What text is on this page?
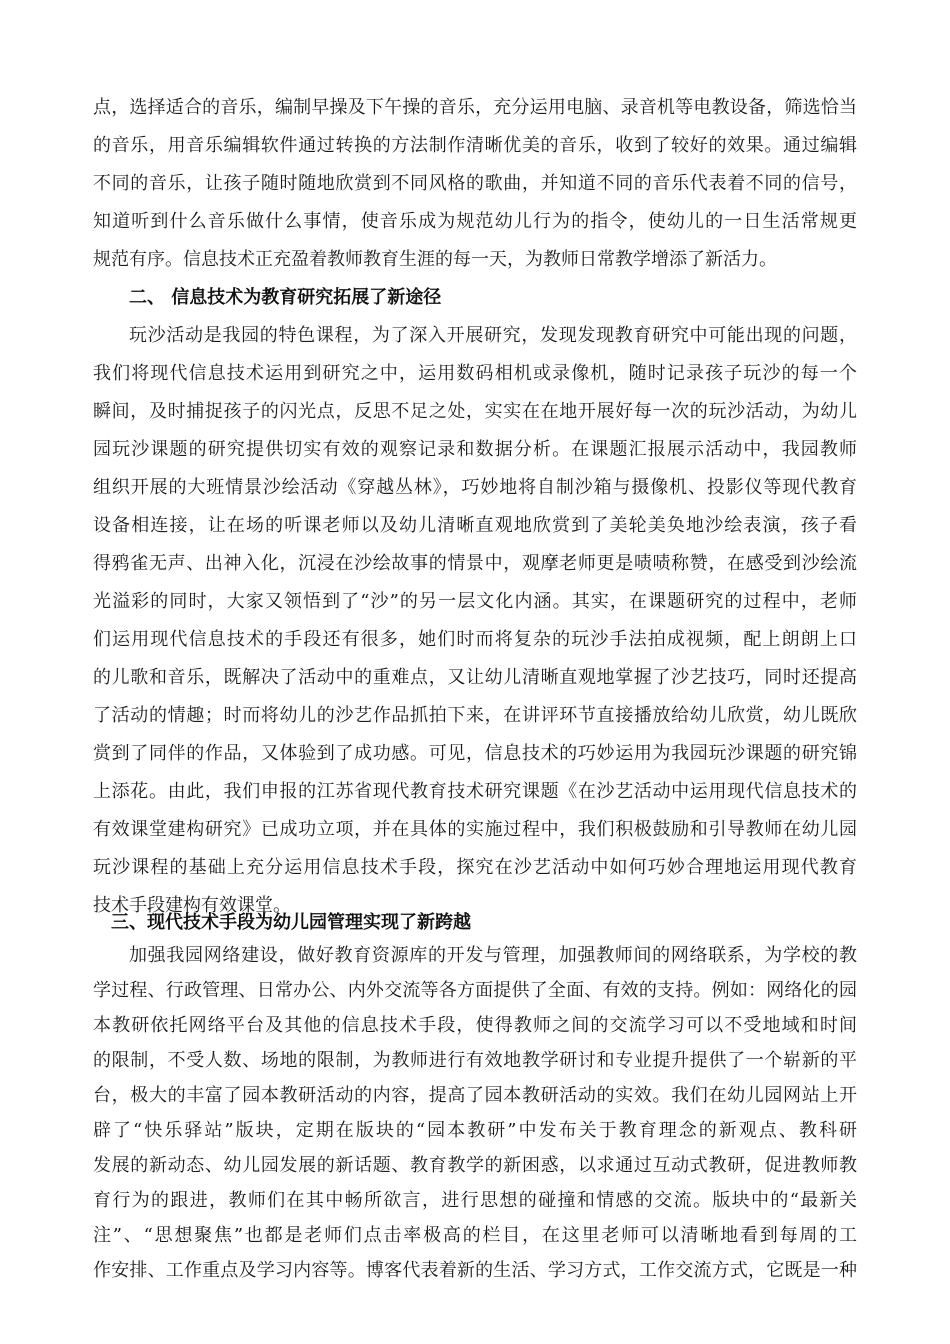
点，选择适合的音乐，编制早操及下午操的音乐，充分运用电脑、录音机等电教设备，筛选恰当
的音乐，用音乐编辑软件通过转换的方法制作清晰优美的音乐，收到了较好的效果。通过编辑
不同的音乐，让孩子随时随地欣赏到不同风格的歌曲，并知道不同的音乐代表着不同的信号，
知道听到什么音乐做什么事情，使音乐成为规范幼儿行为的指令，使幼儿的一日生活常规更
规范有序。信息技术正充盈着教师教育生涯的每一天，为教师日常教学增添了新活力。
二、 信息技术为教育研究拓展了新途径
玩沙活动是我园的特色课程，为了深入开展研究，发现发现教育研究中可能出现的问题，
我们将现代信息技术运用到研究之中，运用数码相机或录像机，随时记录孩子玩沙的每一个
瞬间，及时捕捉孩子的闪光点，反思不足之处，实实在在地开展好每一次的玩沙活动，为幼儿
园玩沙课题的研究提供切实有效的观察记录和数据分析。在课题汇报展示活动中，我园教师
组织开展的大班情景沙绘活动《穿越丛林》，巧妙地将自制沙箱与摄像机、投影仪等现代教育
设备相连接，让在场的听课老师以及幼儿清晰直观地欣赏到了美轮美奂地沙绘表演，孩子看
得鸦雀无声、出神入化，沉浸在沙绘故事的情景中，观摩老师更是啧啧称赞，在感受到沙绘流
光溢彩的同时，大家又领悟到了“沙”的另一层文化内涵。其实，在课题研究的过程中，老师
们运用现代信息技术的手段还有很多，她们时而将复杂的玩沙手法拍成视频，配上朗朗上口
的儿歌和音乐，既解决了活动中的重难点，又让幼儿清晰直观地掌握了沙艺技巧，同时还提高
了活动的情趣；时而将幼儿的沙艺作品抓拍下来，在讲评环节直接播放给幼儿欣赏，幼儿既欣
赏到了同伴的作品，又体验到了成功感。可见，信息技术的巧妙运用为我园玩沙课题的研究锦
上添花。由此，我们申报的江苏省现代教育技术研究课题《在沙艺活动中运用现代信息技术的
有效课堂建构研究》已成功立项，并在具体的实施过程中，我们积极鼓励和引导教师在幼儿园
玩沙课程的基础上充分运用信息技术手段，探究在沙艺活动中如何巧妙合理地运用现代教育
技术手段建构有效课堂。
三、现代技术手段为幼儿园管理实现了新跨越
加强我园网络建设，做好教育资源库的开发与管理，加强教师间的网络联系，为学校的教
学过程、行政管理、日常办公、内外交流等各方面提供了全面、有效的支持。例如：网络化的园
本教研依托网络平台及其他的信息技术手段，使得教师之间的交流学习可以不受地域和时间
的限制，不受人数、场地的限制，为教师进行有效地教学研讨和专业提升提供了一个崭新的平
台，极大的丰富了园本教研活动的内容，提高了园本教研活动的实效。我们在幼儿园网站上开
辟了“快乐驿站”版块，定期在版块的“园本教研”中发布关于教育理念的新观点、教科研
发展的新动态、幼儿园发展的新话题、教育教学的新困惑，以求通过互动式教研，促进教师教
育行为的跟进，教师们在其中畅所欲言，进行思想的碰撞和情感的交流。版块中的“最新关
注”、“思想聚焦”也都是老师们点击率极高的栏目，在这里老师可以清晰地看到每周的工
作安排、工作重点及学习内容等。博客代表着新的生活、学习方式，工作交流方式，它既是一种
